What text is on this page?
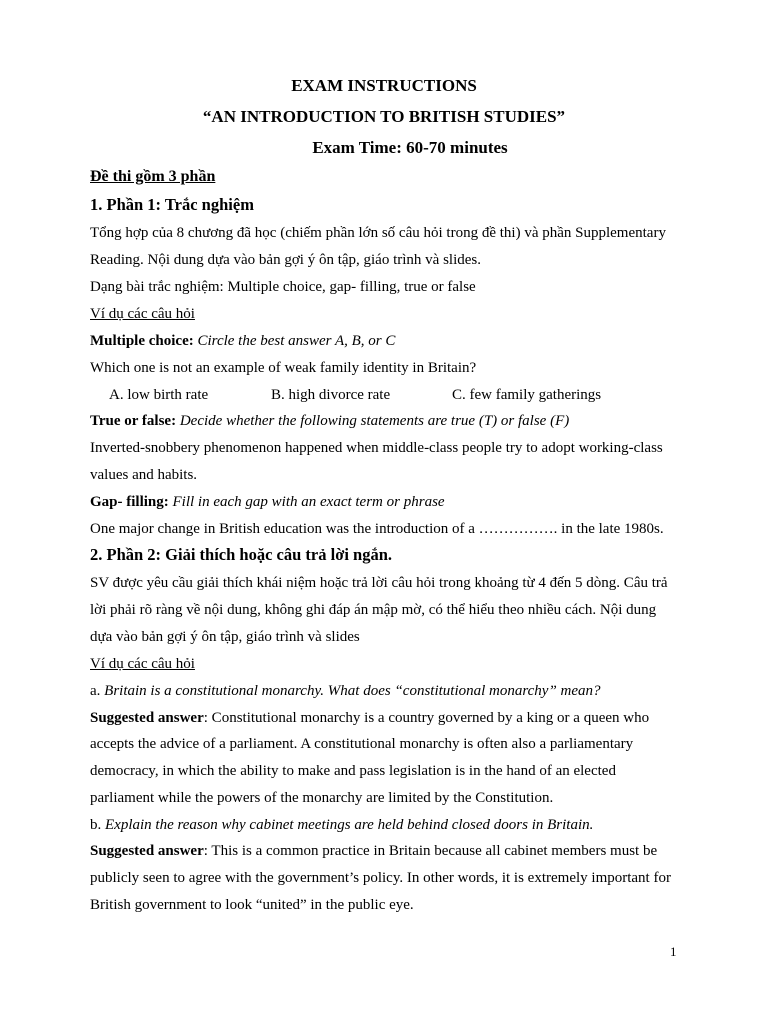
EXAM INSTRUCTIONS
“AN INTRODUCTION TO BRITISH STUDIES”
Exam Time: 60-70 minutes
Đề thi gồm 3 phần
1. Phần 1: Trắc nghiệm
Tổng hợp của 8 chương đã học (chiếm phần lớn số câu hỏi trong đề thi) và phần Supplementary
Reading. Nội dung dựa vào bản gợi ý ôn tập, giáo trình và slides.
Dạng bài trắc nghiệm: Multiple choice, gap- filling, true or false
Ví dụ các câu hỏi
Multiple choice: Circle the best answer A, B, or C
Which one is not an example of weak family identity in Britain?
A. low birth rate	B. high divorce rate	C. few family gatherings
True or false: Decide whether the following statements are true (T) or false (F)
Inverted-snobbery phenomenon happened when middle-class people try to adopt working-class
values and habits.
Gap- filling: Fill in each gap with an exact term or phrase
One major change in British education was the introduction of a ……………. in the late 1980s.
2. Phần 2: Giải thích hoặc câu trả lời ngắn.
SV được yêu cầu giải thích khái niệm hoặc trả lời câu hỏi trong khoảng từ 4 đến 5 dòng. Câu trả
lời phải rõ ràng về nội dung, không ghi đáp án mập mờ, có thể hiểu theo nhiều cách. Nội dung
dựa vào bản gợi ý ôn tập, giáo trình và slides
Ví dụ các câu hỏi
a. Britain is a constitutional monarchy. What does “constitutional monarchy” mean?
Suggested answer: Constitutional monarchy is a country governed by a king or a queen who
accepts the advice of a parliament. A constitutional monarchy is often also a parliamentary
democracy, in which the ability to make and pass legislation is in the hand of an elected
parliament while the powers of the monarchy are limited by the Constitution.
b. Explain the reason why cabinet meetings are held behind closed doors in Britain.
Suggested answer: This is a common practice in Britain because all cabinet members must be
publicly seen to agree with the government’s policy. In other words, it is extremely important for
British government to look “united” in the public eye.
1
